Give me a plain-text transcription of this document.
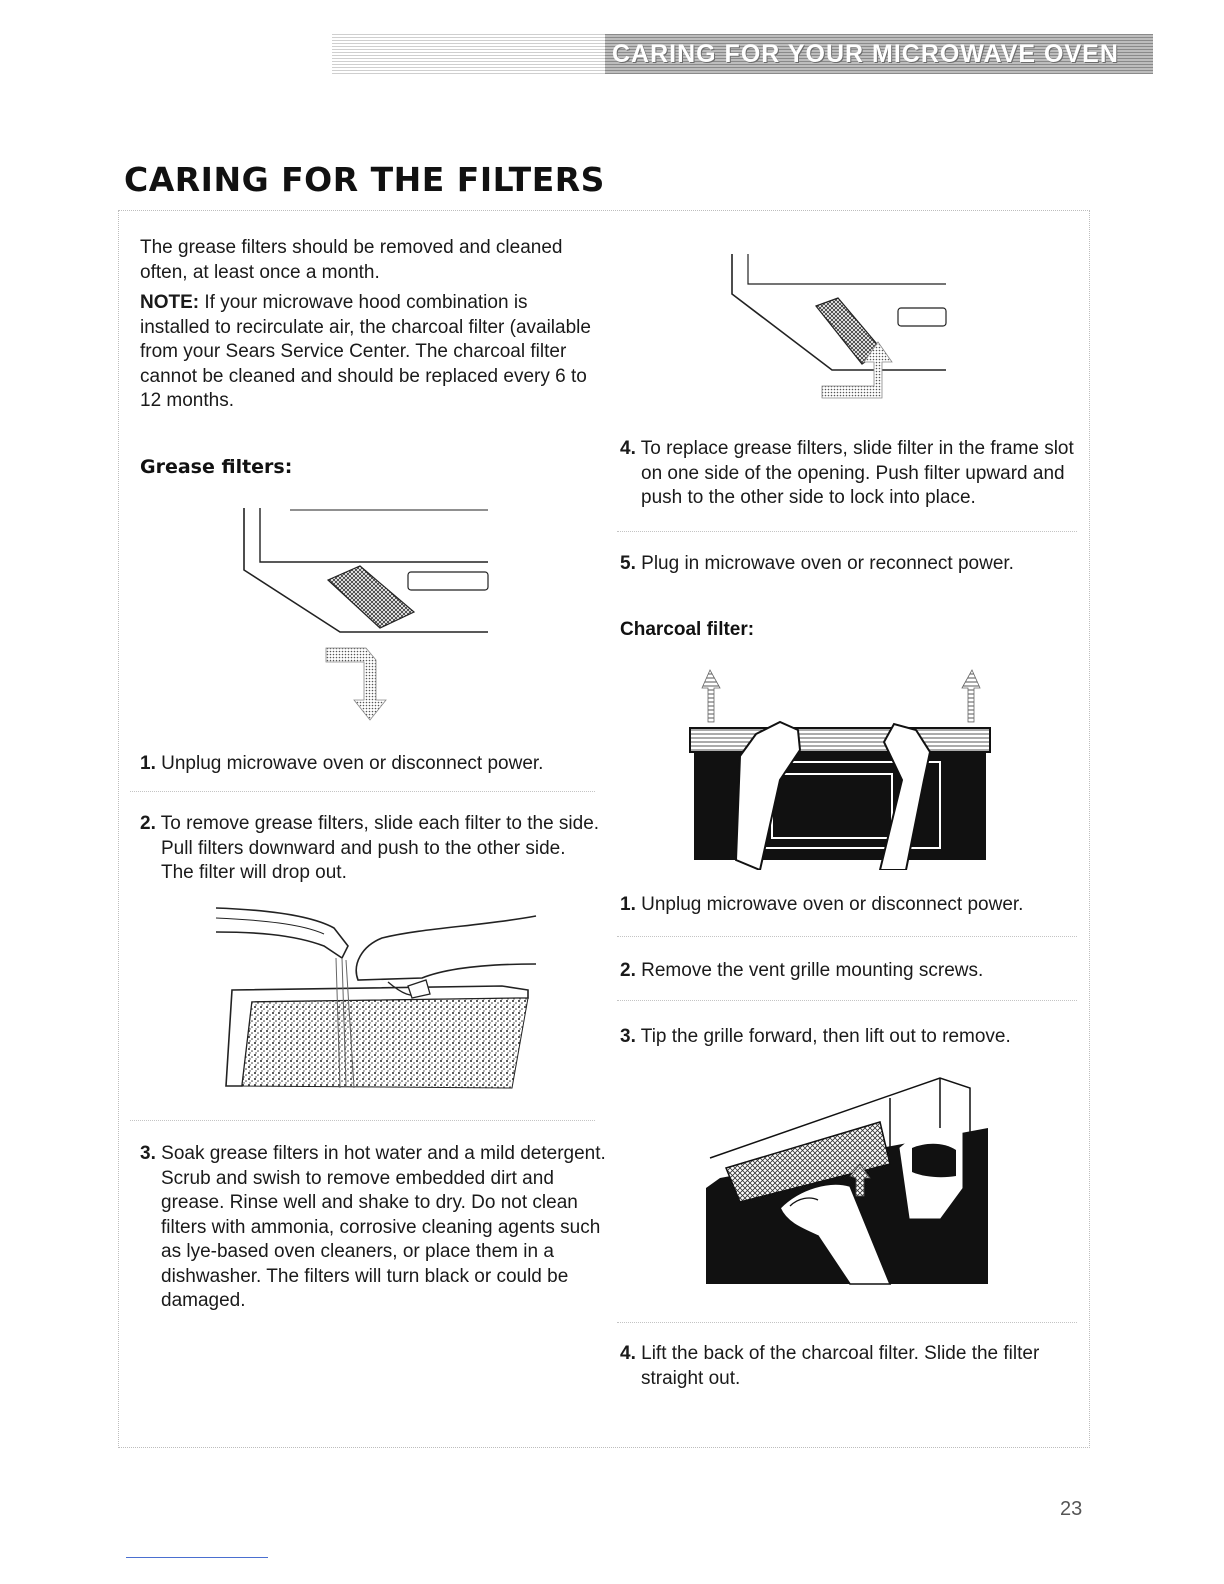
CARING FOR YOUR MICROWAVE OVEN
CARING FOR THE FILTERS
The grease filters should be removed and cleaned
often, at least once a month.
NOTE: If your microwave hood combination is
installed to recirculate air, the charcoal filter (available
from your Sears Service Center. The charcoal filter
cannot be cleaned and should be replaced every 6 to
12 months.
Grease filters:
1. Unplug microwave oven or disconnect power.
2. To remove grease filters, slide each filter to the side. Pull filters downward and push to the other side. The filter will drop out.
3. Soak grease filters in hot water and a mild detergent. Scrub and swish to remove embedded dirt and grease. Rinse well and shake to dry. Do not clean filters with ammonia, corrosive cleaning agents such as lye-based oven cleaners, or place them in a dishwasher. The filters will turn black or could be damaged.
4. To replace grease filters, slide filter in the frame slot on one side of the opening. Push filter upward and push to the other side to lock into place.
5. Plug in microwave oven or reconnect power.
Charcoal filter:
1. Unplug microwave oven or disconnect power.
2. Remove the vent grille mounting screws.
3. Tip the grille forward, then lift out to remove.
4. Lift the back of the charcoal filter. Slide the filter straight out.
23
